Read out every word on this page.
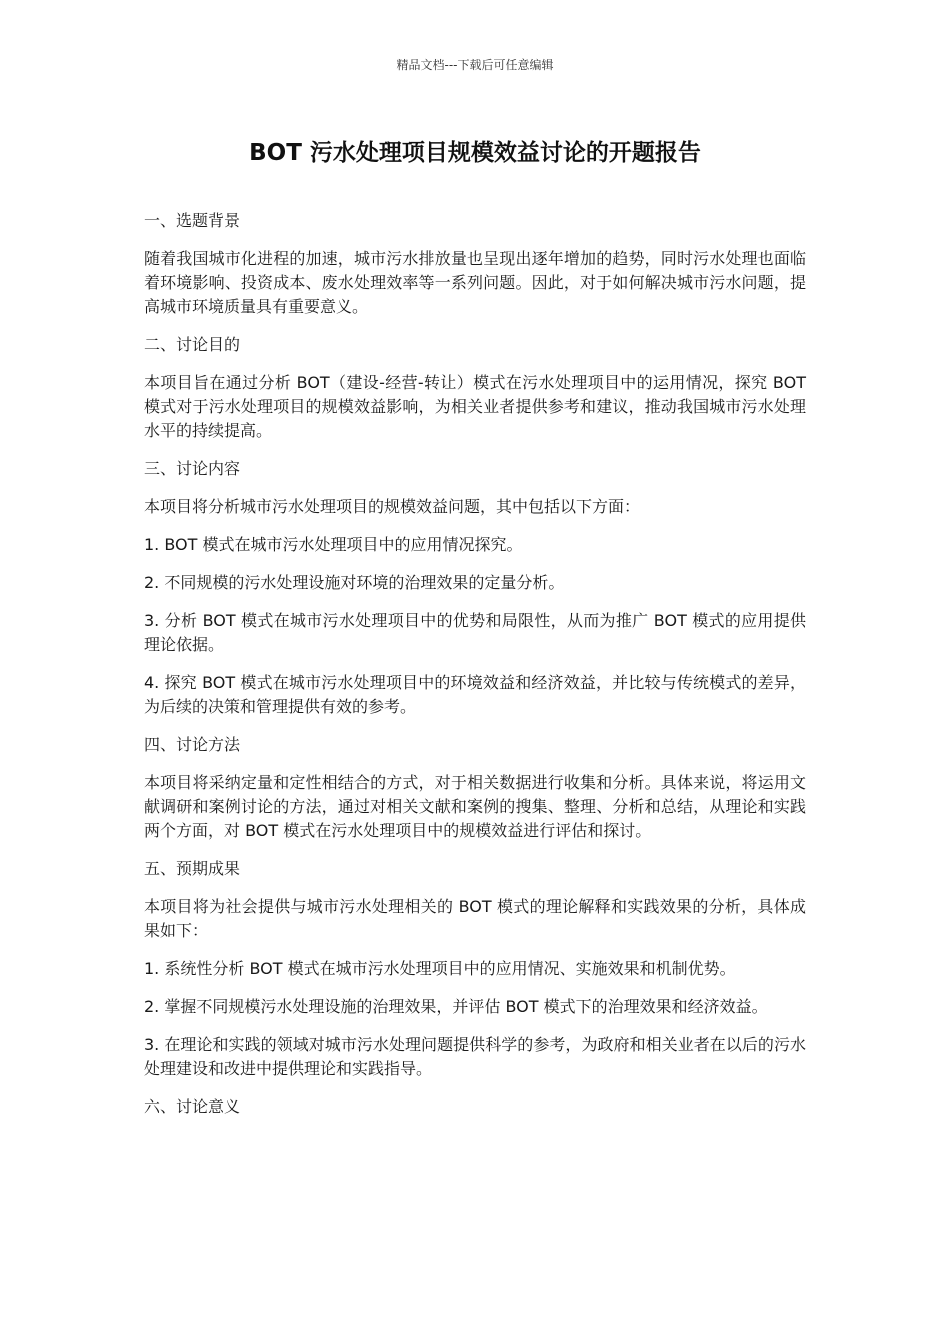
精品文档---下载后可任意编辑
BOT 污水处理项目规模效益讨论的开题报告

一、选题背景

随着我国城市化进程的加速，城市污水排放量也呈现出逐年增加的趋势，同时污水处理也面临着环境影响、投资成本、废水处理效率等一系列问题。因此，对于如何解决城市污水问题，提高城市环境质量具有重要意义。

二、讨论目的

本项目旨在通过分析 BOT（建设-经营-转让）模式在污水处理项目中的运用情况，探究 BOT 模式对于污水处理项目的规模效益影响，为相关业者提供参考和建议，推动我国城市污水处理水平的持续提高。

三、讨论内容

本项目将分析城市污水处理项目的规模效益问题，其中包括以下方面：

1. BOT 模式在城市污水处理项目中的应用情况探究。

2. 不同规模的污水处理设施对环境的治理效果的定量分析。

3. 分析 BOT 模式在城市污水处理项目中的优势和局限性，从而为推广 BOT 模式的应用提供理论依据。

4. 探究 BOT 模式在城市污水处理项目中的环境效益和经济效益，并比较与传统模式的差异，为后续的决策和管理提供有效的参考。

四、讨论方法

本项目将采纳定量和定性相结合的方式，对于相关数据进行收集和分析。具体来说，将运用文献调研和案例讨论的方法，通过对相关文献和案例的搜集、整理、分析和总结，从理论和实践两个方面，对 BOT 模式在污水处理项目中的规模效益进行评估和探讨。

五、预期成果

本项目将为社会提供与城市污水处理相关的 BOT 模式的理论解释和实践效果的分析，具体成果如下：

1. 系统性分析 BOT 模式在城市污水处理项目中的应用情况、实施效果和机制优势。

2. 掌握不同规模污水处理设施的治理效果，并评估 BOT 模式下的治理效果和经济效益。

3. 在理论和实践的领域对城市污水处理问题提供科学的参考，为政府和相关业者在以后的污水处理建设和改进中提供理论和实践指导。

六、讨论意义
